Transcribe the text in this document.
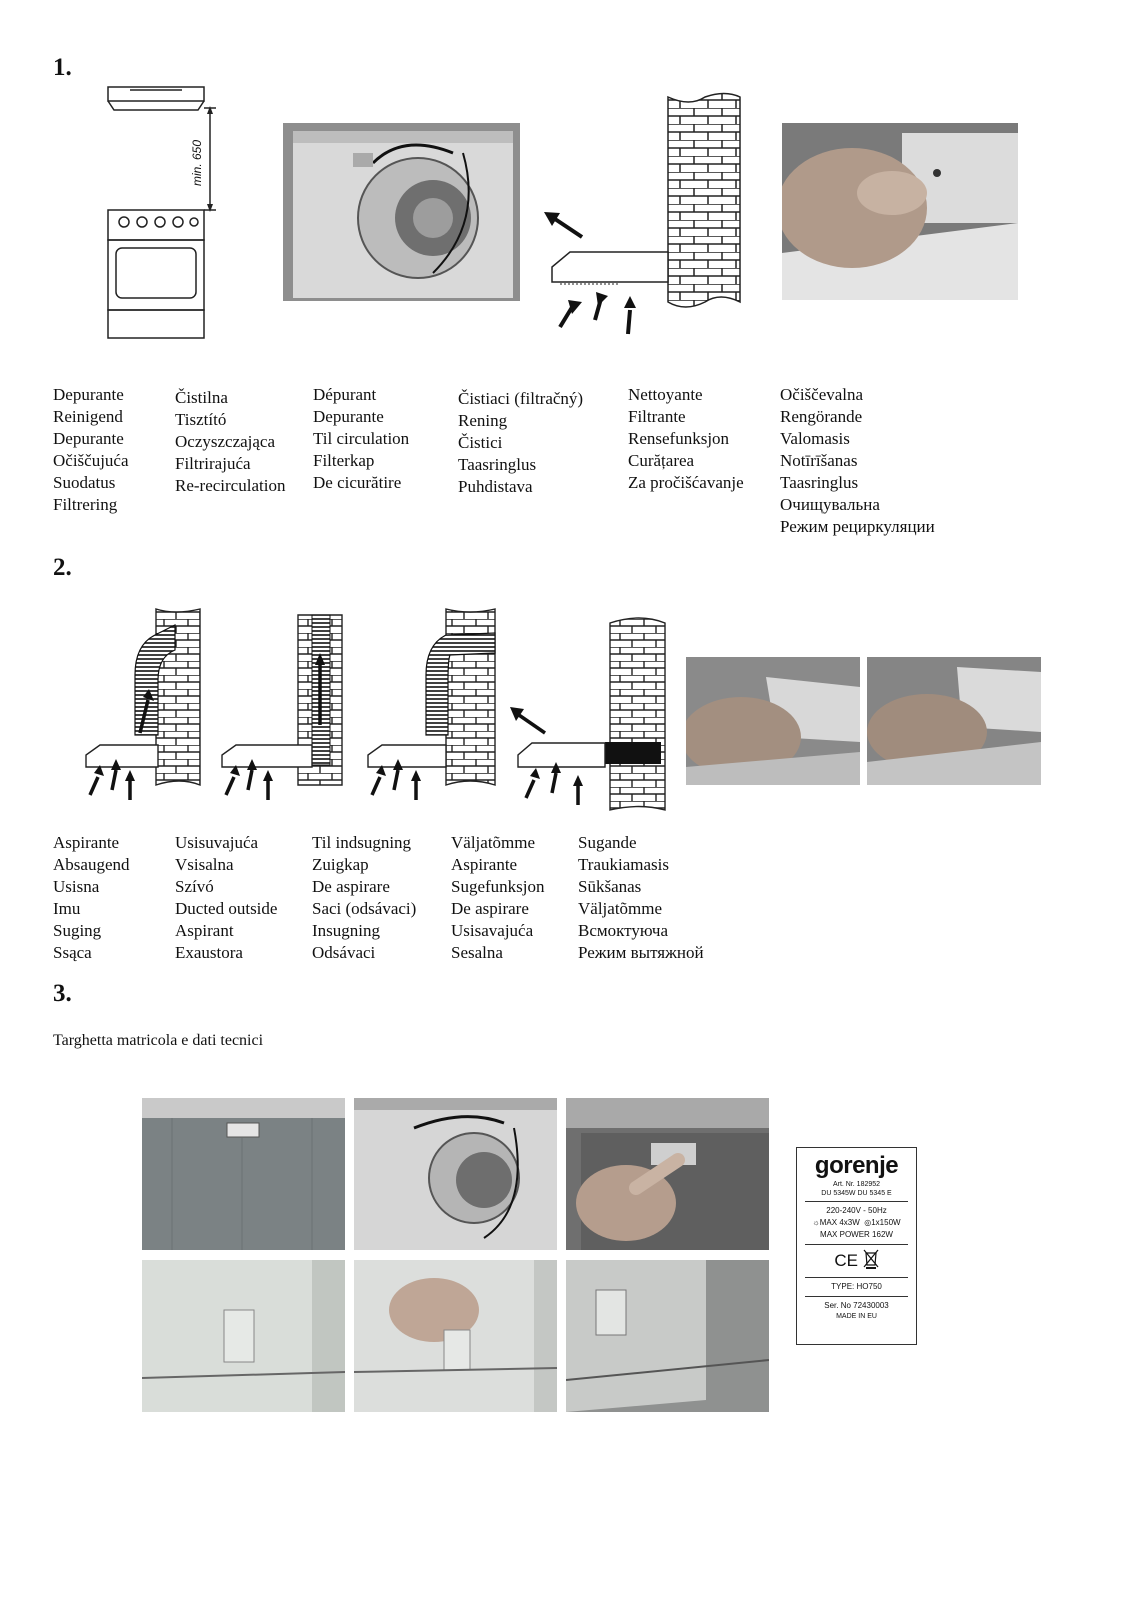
1.
min. 650
Depurante
Reinigend
Depurante
Očiščujuća
Suodatus
Filtrering
Čistilna
Tisztító
Oczyszczająca
Filtrirajuća
Re-recirculation
Dépurant
Depurante
Til circulation
Filterkap
De cicurătire
Čistiaci (filtračný)
Rening
Čistici
Taasringlus
Puhdistava
Nettoyante
Filtrante
Rensefunksjon
Curățarea
Za pročišćavanje
Očiščevalna
Rengörande
Valomasis
Notīrīšanas
Taasringlus
Очищувальна
Режим рециркуляции
2.
Aspirante
Absaugend
Usisna
Imu
Suging
Ssąca
Usisuvajuća
Vsisalna
Szívó
Ducted outside
Aspirant
Exaustora
Til indsugning
Zuigkap
De aspirare
Saci (odsávaci)
Insugning
Odsávaci
Väljatõmme
Aspirante
Sugefunksjon
De aspirare
Usisavajuća
Sesalna
Sugande
Traukiamasis
Sūkšanas
Väljatõmme
Всмоктуюча
Режим вытяжной
3.
Targhetta matricola e dati tecnici
gorenje
Art. Nr. 182952
DU 5345W DU 5345 E
220-240V - 50Hz
☼MAX 4x3W ◎1x150W
MAX POWER 162W
CE
TYPE: HO750
Ser. No 72430003
MADE IN EU
